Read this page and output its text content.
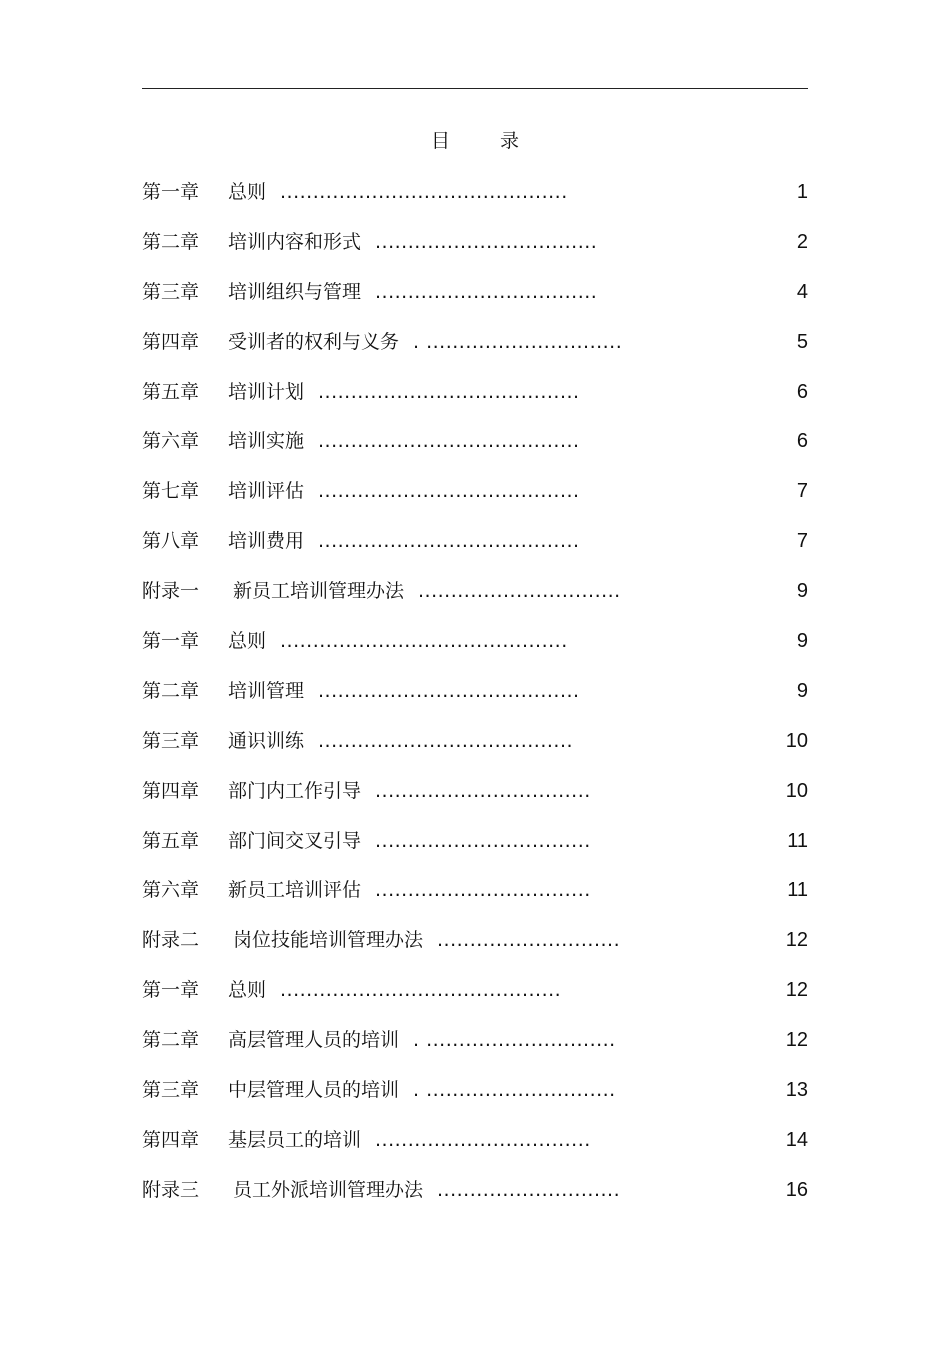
目	录
第一章 总则 ............................................	1
第二章 培训内容和形式 ..................................	2
第三章 培训组织与管理 ..................................	4
第四章 受训者的权利与义务 . ..............................	5
第五章 培训计划 ........................................	6
第六章 培训实施 ........................................	6
第七章 培训评估 ........................................	7
第八章 培训费用 ........................................	7
附录一 新员工培训管理办法 ...............................	9
第一章 总则 ............................................	9
第二章 培训管理 ........................................	9
第三章 通识训练 .......................................	10
第四章 部门内工作引导 .................................	10
第五章 部门间交叉引导 .................................	11
第六章 新员工培训评估 .................................	11
附录二 岗位技能培训管理办法 ............................	12
第一章 总则 ...........................................	12
第二章 高层管理人员的培训 . .............................	12
第三章 中层管理人员的培训 . .............................	13
第四章 基层员工的培训 .................................	14
附录三 员工外派培训管理办法 ............................	16
